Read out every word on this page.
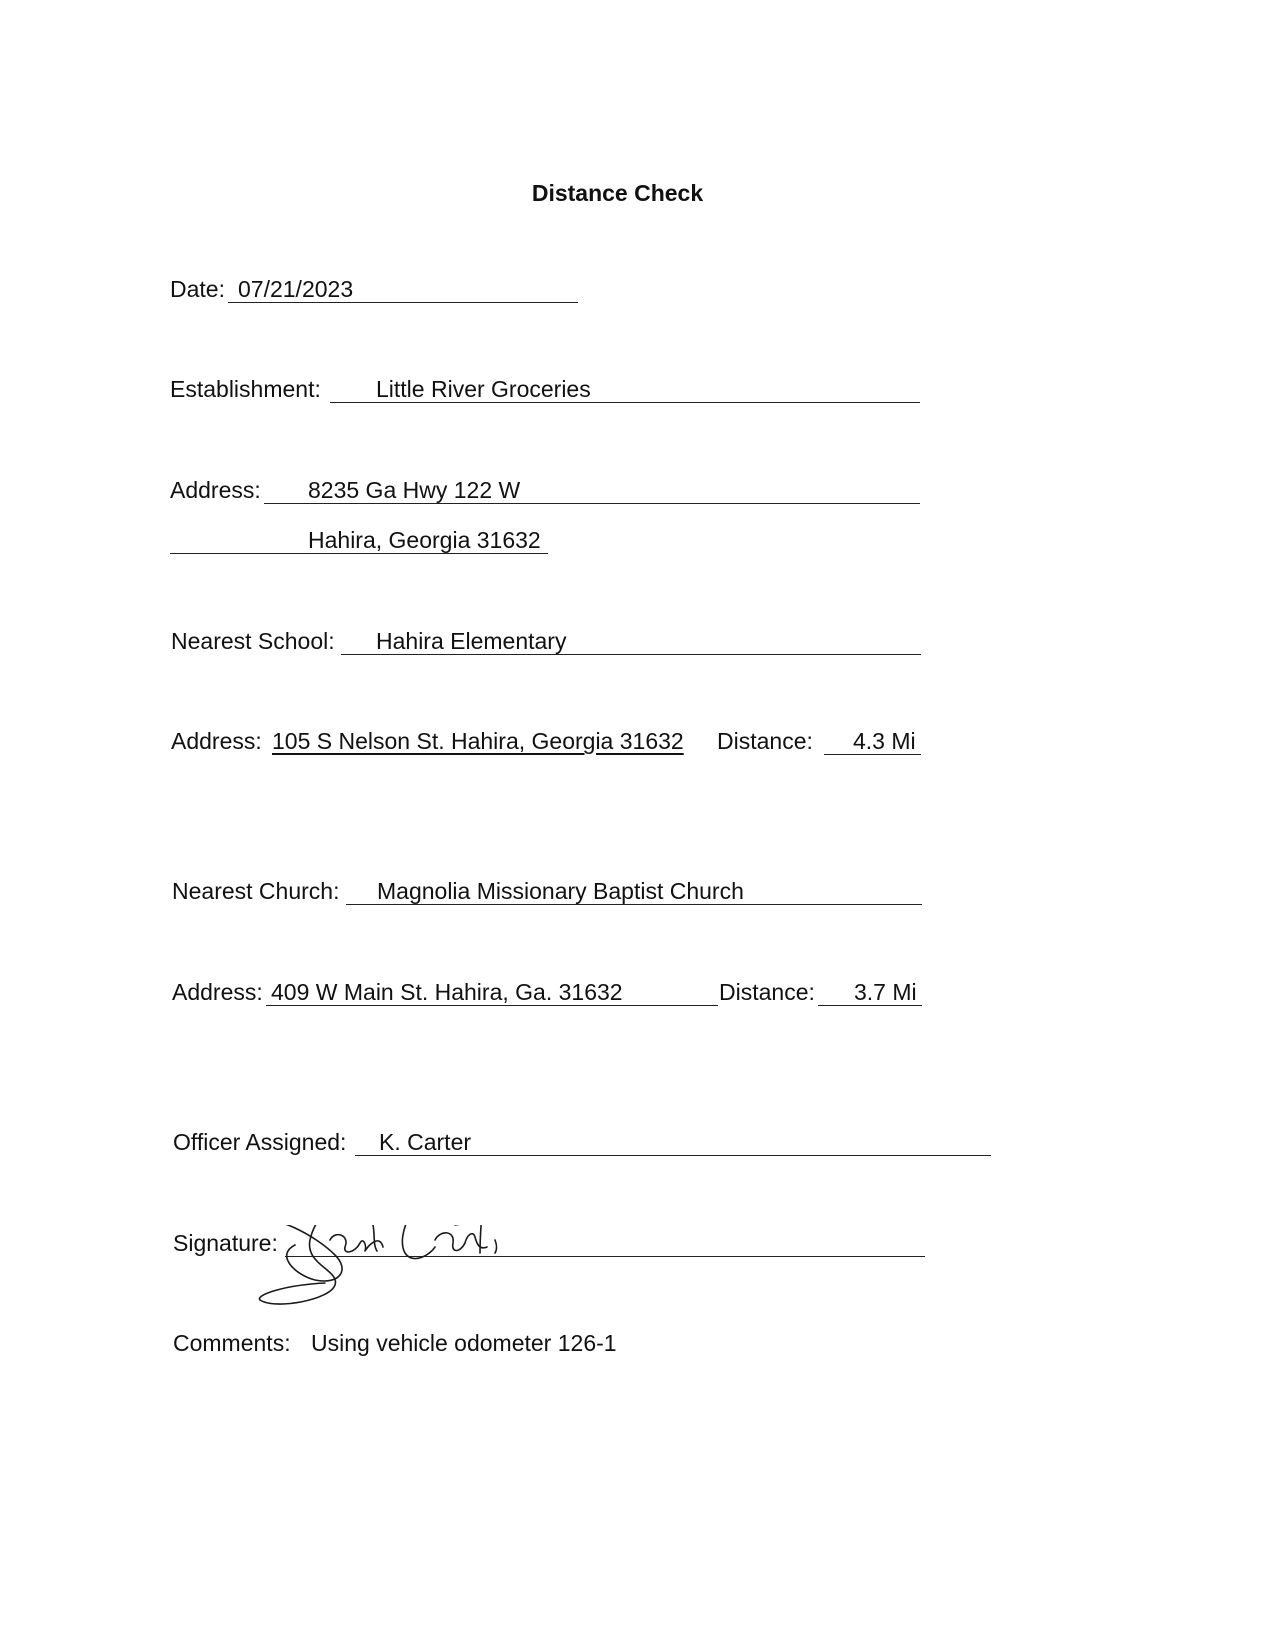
Distance Check
Date: 07/21/2023
Establishment: Little River Groceries
Address: 8235 Ga Hwy 122 W
Hahira, Georgia 31632
Nearest School: Hahira Elementary
Address: 105 S Nelson St. Hahira, Georgia 31632 Distance: 4.3 Mi
Nearest Church: Magnolia Missionary Baptist Church
Address: 409 W Main St. Hahira, Ga. 31632	Distance: 3.7 Mi
Officer Assigned: K. Carter
Signature:
Comments: Using vehicle odometer 126-1
